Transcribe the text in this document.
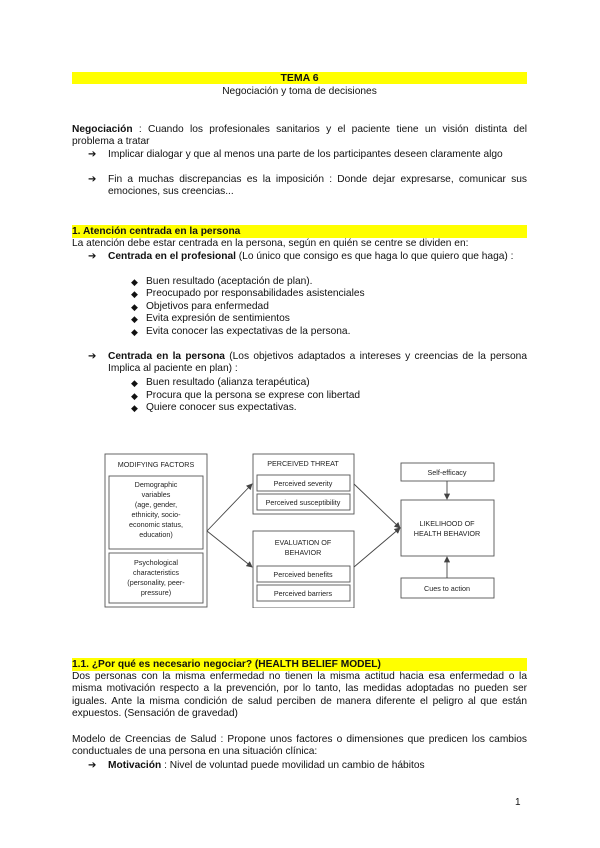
TEMA 6
Negociación y toma de decisiones
Negociación : Cuando los profesionales sanitarios y el paciente tiene un visión distinta del problema a tratar
➔ Implicar dialogar y que al menos una parte de los participantes deseen claramente algo
➔ Fin a muchas discrepancias es la imposición : Donde dejar expresarse, comunicar sus emociones, sus creencias...
1. Atención centrada en la persona
La atención debe estar centrada en la persona, según en quién se centre se dividen en:
➔ Centrada en el profesional (Lo único que consigo es que haga lo que quiero que haga) :
◆ Buen resultado (aceptación de plan).
◆ Preocupado por responsabilidades asistenciales
◆ Objetivos para enfermedad
◆ Evita expresión de sentimientos
◆ Evita conocer las expectativas de la persona.
➔ Centrada en la persona (Los objetivos adaptados a intereses y creencias de la persona Implica al paciente en plan) :
◆ Buen resultado (alianza terapéutica)
◆ Procura que la persona se exprese con libertad
◆ Quiere conocer sus expectativas.
MODIFYING FACTORS
Demographic
variables
(age, gender,
ethnicity, socio-
economic status,
education)
Psychological
characteristics
(personality, peer-
pressure)
PERCEIVED THREAT
Perceived severity
Perceived susceptibility
EVALUATION OF
BEHAVIOR
Perceived benefits
Perceived barriers
Self-efficacy
LIKELIHOOD OF
HEALTH BEHAVIOR
Cues to action
1.1. ¿Por qué es necesario negociar? (HEALTH BELIEF MODEL)
Dos personas con la misma enfermedad no tienen la misma actitud hacia esa enfermedad o la misma motivación respecto a la prevención, por lo tanto, las medidas adoptadas no pueden ser iguales. Ante la misma condición de salud perciben de manera diferente el peligro al que están expuestos. (Sensación de gravedad)
Modelo de Creencias de Salud : Propone unos factores o dimensiones que predicen los cambios conductuales de una persona en una situación clínica:
➔ Motivación : Nivel de voluntad puede movilidad un cambio de hábitos
1
